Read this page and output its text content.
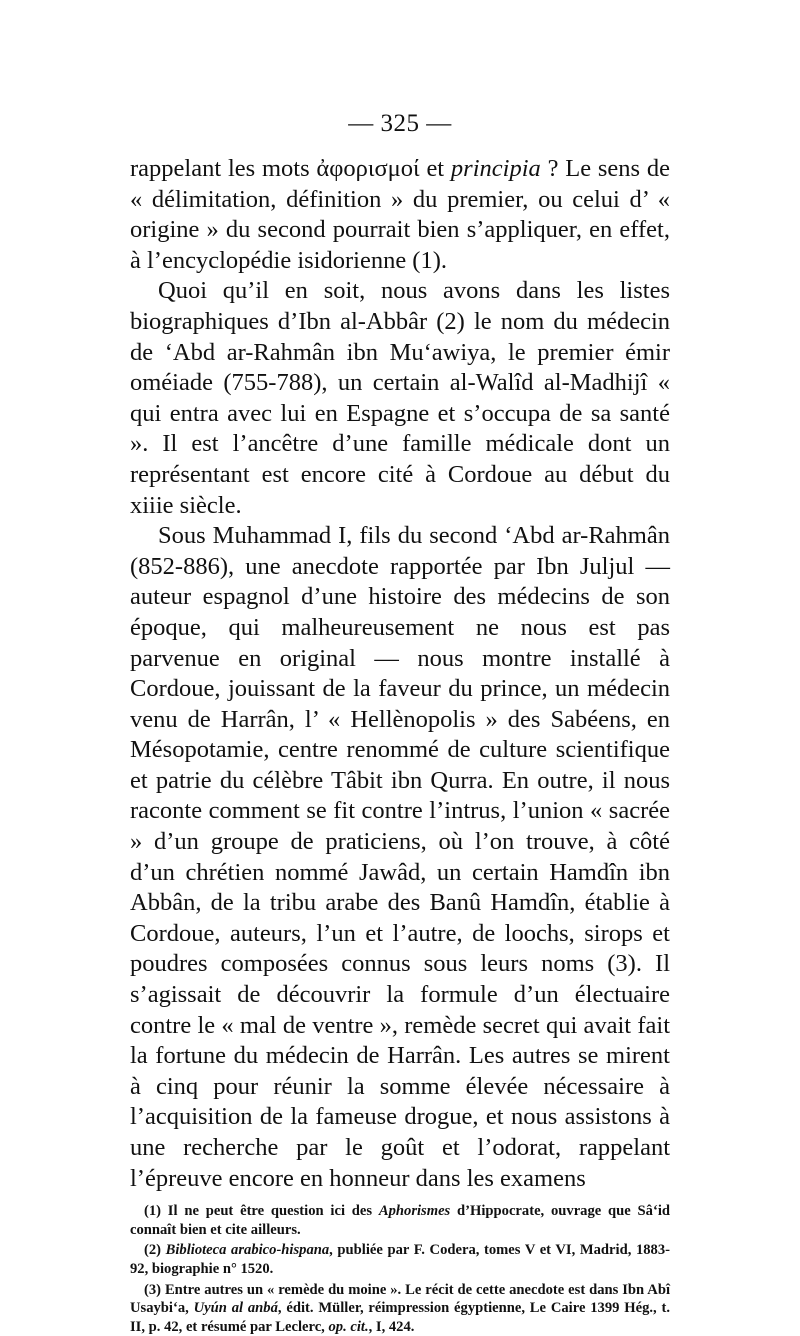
— 325 —

rappelant les mots ἀφορισμοί et principia ? Le sens de « délimitation, définition » du premier, ou celui d’ « origine » du second pourrait bien s’appliquer, en effet, à l’encyclopédie isidorienne (1).

Quoi qu’il en soit, nous avons dans les listes biographiques d’Ibn al-Abbâr (2) le nom du médecin de ‘Abd ar-Rahmân ibn Mu‘awiya, le premier émir oméiade (755-788), un certain al-Walîd al-Madhijî « qui entra avec lui en Espagne et s’occupa de sa santé ». Il est l’ancêtre d’une famille médicale dont un représentant est encore cité à Cordoue au début du xiiie siècle.

Sous Muhammad I, fils du second ‘Abd ar-Rahmân (852-886), une anecdote rapportée par Ibn Juljul — auteur espagnol d’une histoire des médecins de son époque, qui malheureusement ne nous est pas parvenue en original — nous montre installé à Cordoue, jouissant de la faveur du prince, un médecin venu de Harrân, l’ « Hellènopolis » des Sabéens, en Mésopotamie, centre renommé de culture scientifique et patrie du célèbre Tâbit ibn Qurra. En outre, il nous raconte comment se fit contre l’intrus, l’union « sacrée » d’un groupe de praticiens, où l’on trouve, à côté d’un chrétien nommé Jawâd, un certain Hamdîn ibn Abbân, de la tribu arabe des Banû Hamdîn, établie à Cordoue, auteurs, l’un et l’autre, de loochs, sirops et poudres composées connus sous leurs noms (3). Il s’agissait de découvrir la formule d’un électuaire contre le « mal de ventre », remède secret qui avait fait la fortune du médecin de Harrân. Les autres se mirent à cinq pour réunir la somme élevée nécessaire à l’acquisition de la fameuse drogue, et nous assistons à une recherche par le goût et l’odorat, rappelant l’épreuve encore en honneur dans les examens

(1) Il ne peut être question ici des Aphorismes d’Hippocrate, ouvrage que Sâ‘id connaît bien et cite ailleurs.

(2) Biblioteca arabico-hispana, publiée par F. Codera, tomes V et VI, Madrid, 1883-92, biographie n° 1520.

(3) Entre autres un « remède du moine ». Le récit de cette anecdote est dans Ibn Abî Usaybi‘a, Uyún al anbá, édit. Müller, réimpression égyptienne, Le Caire 1399 Hég., t. II, p. 42, et résumé par Leclerc, op. cit., I, 424.
